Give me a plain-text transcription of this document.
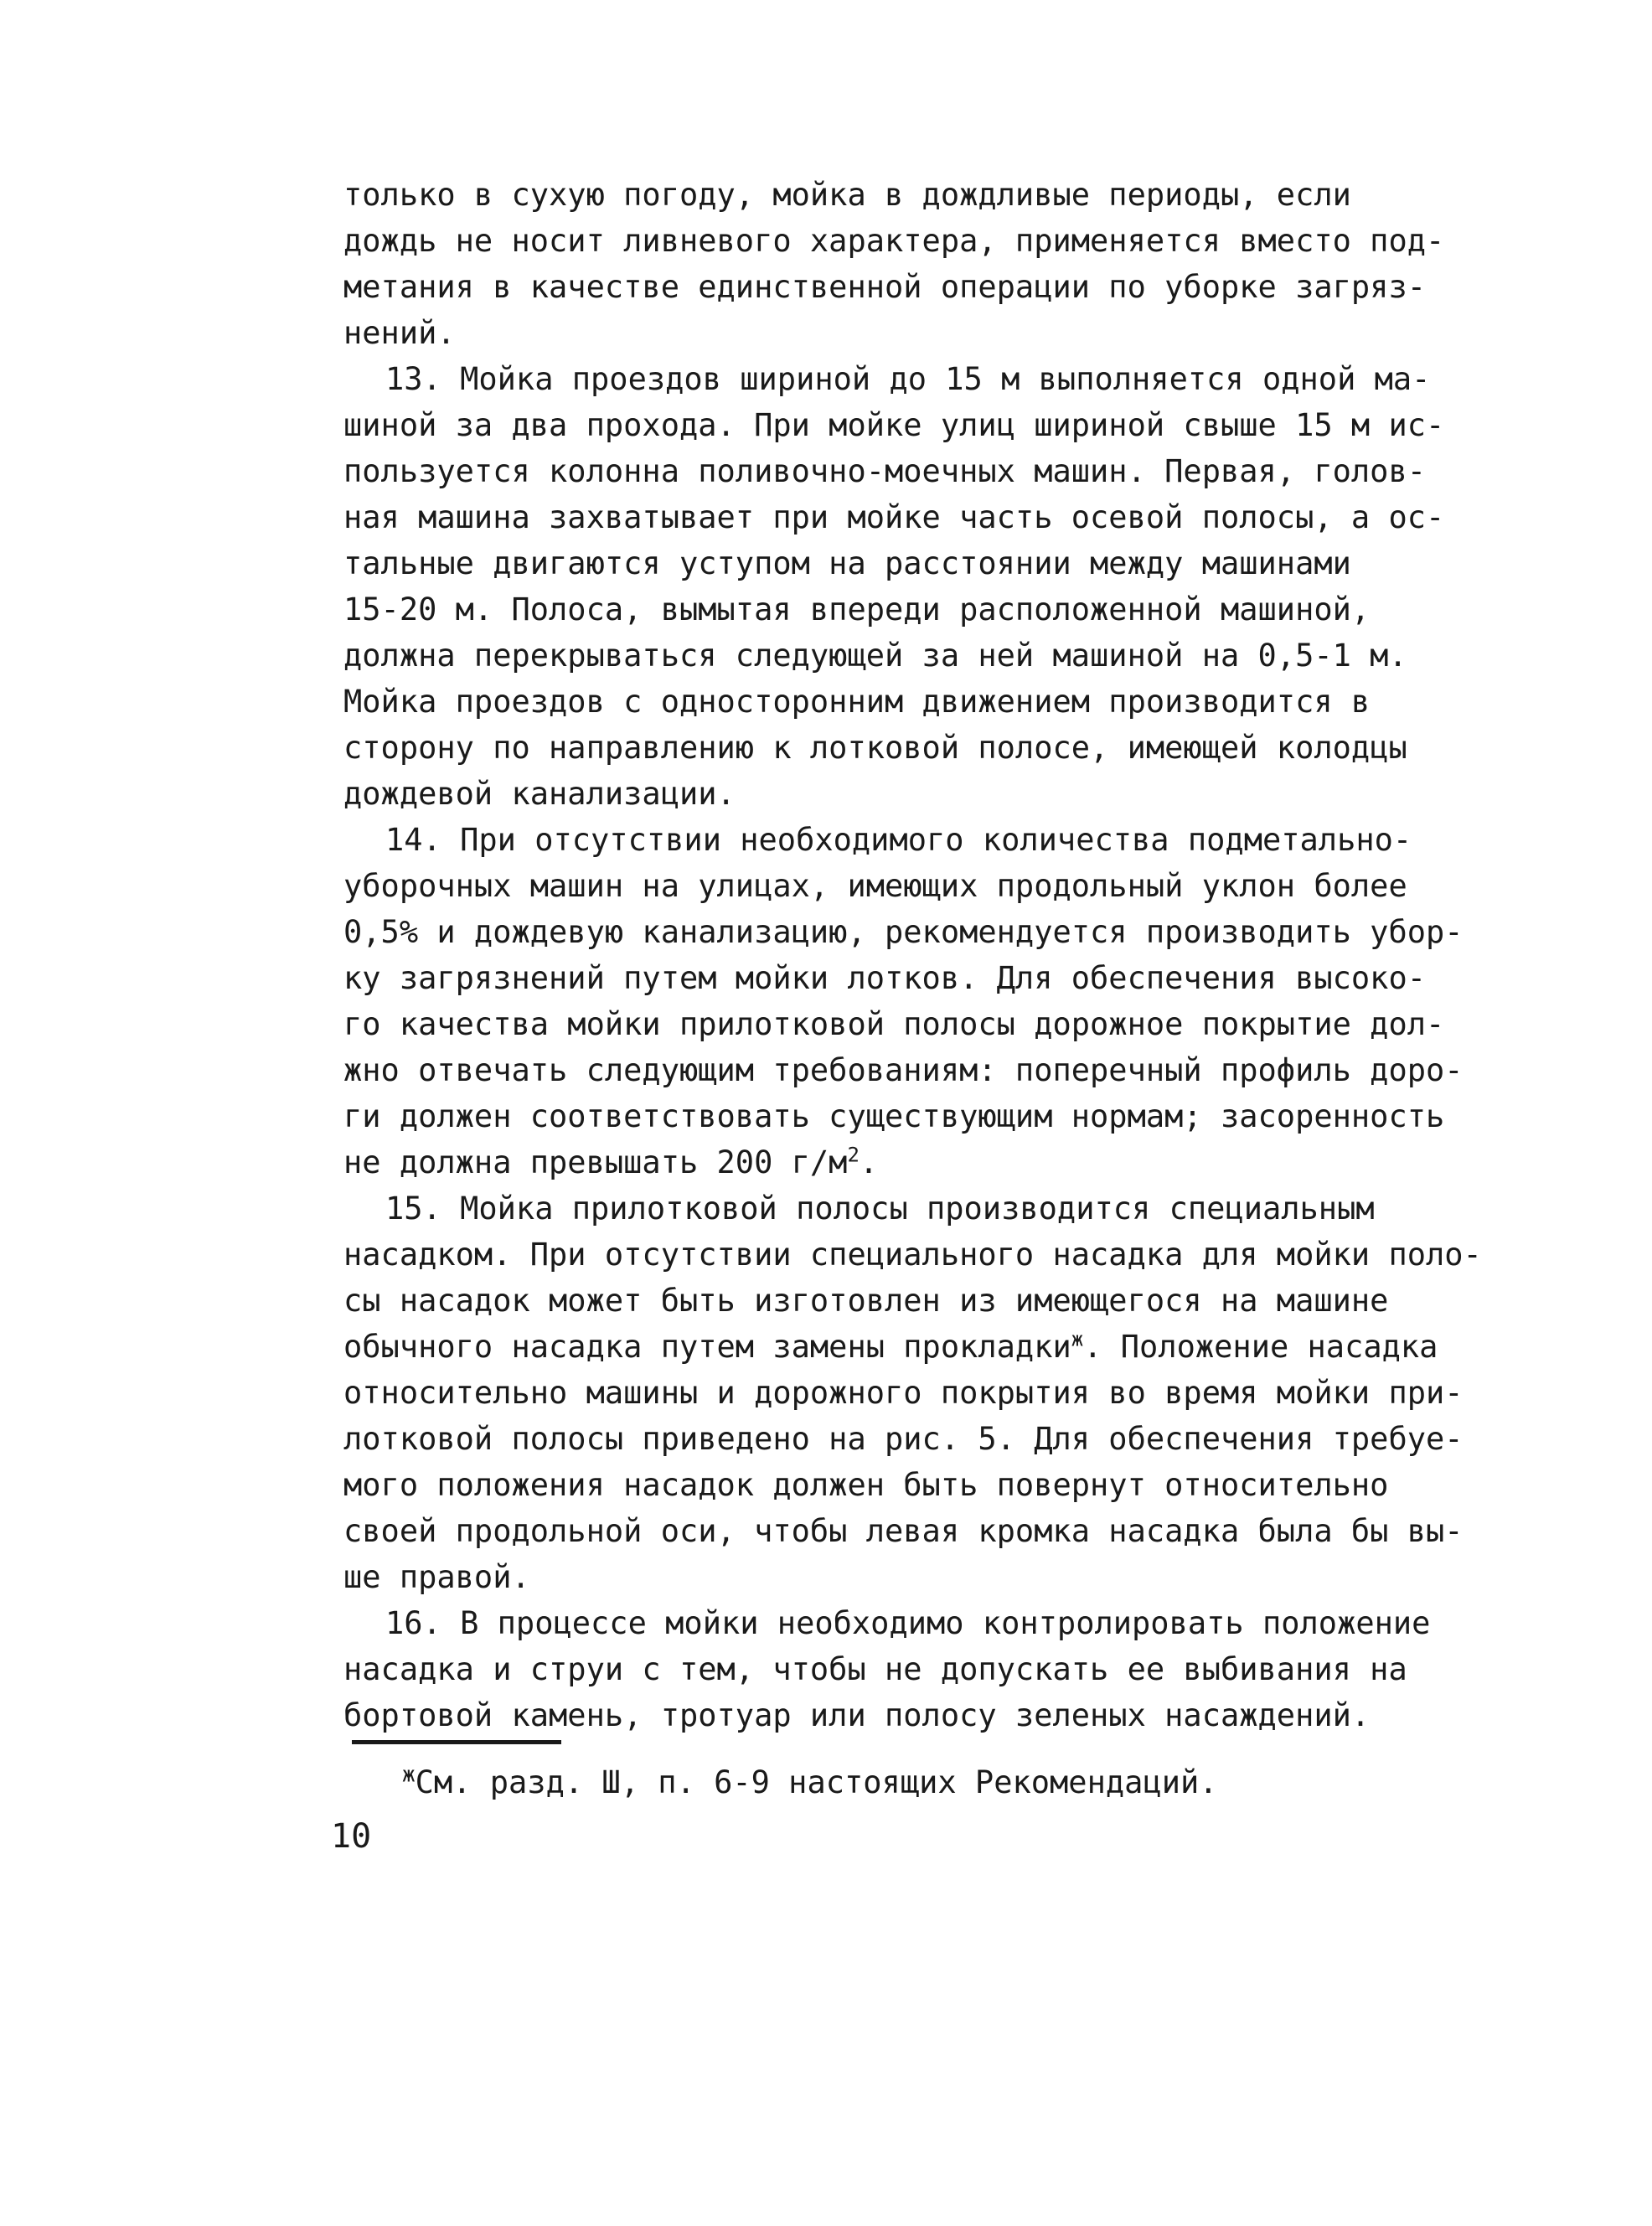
только в сухую погоду, мойка в дождливые периоды, если
дождь не носит ливневого характера, применяется вместо под-
метания в качестве единственной операции по уборке загряз-
нений.
13. Мойка проездов шириной до 15 м выполняется одной ма-
шиной за два прохода. При мойке улиц шириной свыше 15 м ис-
пользуется колонна поливочно-моечных машин. Первая, голов-
ная машина захватывает при мойке часть осевой полосы, а ос-
тальные двигаются уступом на расстоянии между машинами
15-20 м. Полоса, вымытая впереди расположенной машиной,
должна перекрываться следующей за ней машиной на 0,5-1 м.
Мойка проездов с односторонним движением производится в
сторону по направлению к лотковой полосе, имеющей колодцы
дождевой канализации.
14. При отсутствии необходимого количества подметально-
уборочных машин на улицах, имеющих продольный уклон более
0,5% и дождевую канализацию, рекомендуется производить убор-
ку загрязнений путем мойки лотков. Для обеспечения высоко-
го качества мойки прилотковой полосы дорожное покрытие дол-
жно отвечать следующим требованиям: поперечный профиль доро-
ги должен соответствовать существующим нормам; засоренность
не должна превышать 200 $г/м^2$.
15. Мойка прилотковой полосы производится специальным
насадком. При отсутствии специального насадка для мойки поло-
сы насадок может быть изготовлен из имеющегося на машине
обычного насадка путем замены прокладки$^ж$. Положение насадка
относительно машины и дорожного покрытия во время мойки при-
лотковой полосы приведено на рис. 5. Для обеспечения требуе-
мого положения насадок должен быть повернут относительно
своей продольной оси, чтобы левая кромка насадка была бы вы-
ше правой.
16. В процессе мойки необходимо контролировать положение
насадка и струи с тем, чтобы не допускать ее выбивания на
бортовой камень, тротуар или полосу зеленых насаждений.
$^ж$См. разд. Ш, п. 6-9 настоящих Рекомендаций.
10
